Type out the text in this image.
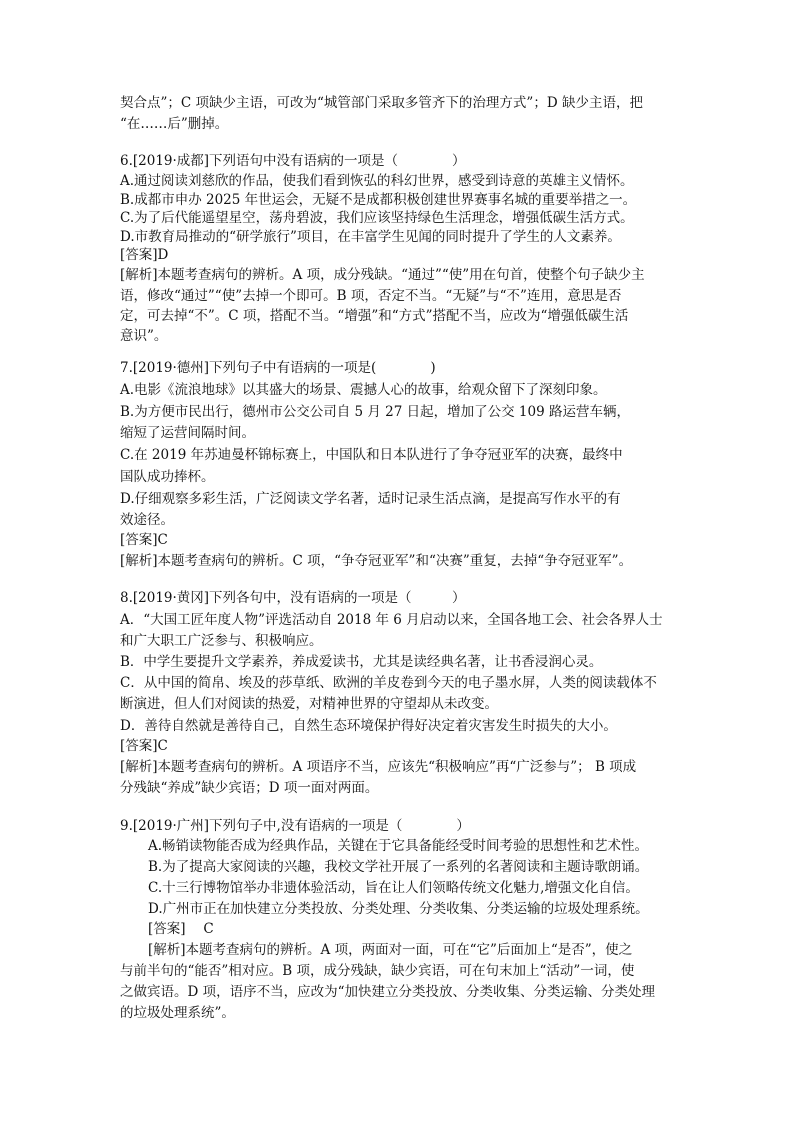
契合点”；C 项缺少主语，可改为“城管部门采取多管齐下的治理方式”；D 缺少主语，把
“在……后”删掉。
6.[2019·成都]下列语句中没有语病的一项是（　　　　）
A.通过阅读刘慈欣的作品，使我们看到恢弘的科幻世界，感受到诗意的英雄主义情怀。
B.成都市申办 2025 年世运会，无疑不是成都积极创建世界赛事名城的重要举措之一。
C.为了后代能遥望星空，荡舟碧波，我们应该坚持绿色生活理念，增强低碳生活方式。
D.市教育局推动的“研学旅行”项目，在丰富学生见闻的同时提升了学生的人文素养。
[答案]D
[解析]本题考查病句的辨析。A 项，成分残缺。“通过”“使”用在句首，使整个句子缺少主
语，修改“通过”“使”去掉一个即可。B 项，否定不当。“无疑”与“不”连用，意思是否
定，可去掉“不”。C 项，搭配不当。“增强”和“方式”搭配不当，应改为“增强低碳生活
意识”。
7.[2019·德州]下列句子中有语病的一项是(　　　　)
A.电影《流浪地球》以其盛大的场景、震撼人心的故事，给观众留下了深刻印象。
B.为方便市民出行，德州市公交公司自 5 月 27 日起，增加了公交 109 路运营车辆，
缩短了运营间隔时间。
C.在 2019 年苏迪曼杯锦标赛上，中国队和日本队进行了争夺冠亚军的决赛，最终中
国队成功捧杯。
D.仔细观察多彩生活，广泛阅读文学名著，适时记录生活点滴，是提高写作水平的有
效途径。
[答案]C
[解析]本题考查病句的辨析。C 项，“争夺冠亚军”和“决赛”重复，去掉“争夺冠亚军”。
8.[2019·黄冈]下列各句中，没有语病的一项是（　　　）
A．“大国工匠年度人物”评选活动自 2018 年 6 月启动以来，全国各地工会、社会各界人士
和广大职工广泛参与、积极响应。
B．中学生要提升文学素养，养成爱读书，尤其是读经典名著，让书香浸润心灵。
C．从中国的简帛、埃及的莎草纸、欧洲的羊皮卷到今天的电子墨水屏，人类的阅读载体不
断演进，但人们对阅读的热爱，对精神世界的守望却从未改变。
D．善待自然就是善待自己，自然生态环境保护得好决定着灾害发生时损失的大小。
[答案]C
[解析]本题考查病句的辨析。A 项语序不当，应该先“积极响应”再“广泛参与”； B 项成
分残缺“养成”缺少宾语；D 项一面对两面。
9.[2019·广州]下列句子中,没有语病的一项是（　　　　）
A.畅销读物能否成为经典作品，关键在于它具备能经受时间考验的思想性和艺术性。
B.为了提高大家阅读的兴趣，我校文学社开展了一系列的名著阅读和主题诗歌朗诵。
C.十三行博物馆举办非遗体验活动，旨在让人们领略传统文化魅力,增强文化自信。
D.广州市正在加快建立分类投放、分类处理、分类收集、分类运输的垃圾处理系统。
[答案]　 C
[解析]本题考查病句的辨析。A 项，两面对一面，可在“它”后面加上“是否”，使之
与前半句的“能否”相对应。B 项，成分残缺，缺少宾语，可在句末加上“活动”一词，使
之做宾语。D 项，语序不当，应改为“加快建立分类投放、分类收集、分类运输、分类处理
的垃圾处理系统”。
